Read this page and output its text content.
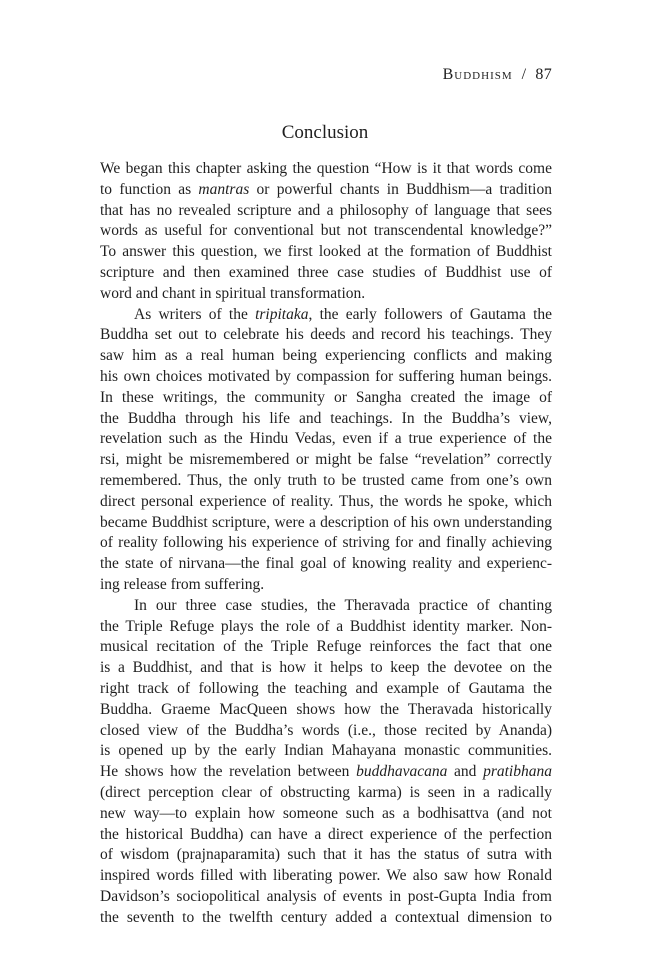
Buddhism / 87
Conclusion
We began this chapter asking the question “How is it that words come
to function as mantras or powerful chants in Buddhism—a tradition
that has no revealed scripture and a philosophy of language that sees
words as useful for conventional but not transcendental knowledge?”
To answer this question, we first looked at the formation of Buddhist
scripture and then examined three case studies of Buddhist use of
word and chant in spiritual transformation.
As writers of the tripitaka, the early followers of Gautama the
Buddha set out to celebrate his deeds and record his teachings. They
saw him as a real human being experiencing conflicts and making
his own choices motivated by compassion for suffering human beings.
In these writings, the community or Sangha created the image of
the Buddha through his life and teachings. In the Buddha’s view,
revelation such as the Hindu Vedas, even if a true experience of the
rsi, might be misremembered or might be false “revelation” correctly
remembered. Thus, the only truth to be trusted came from one’s own
direct personal experience of reality. Thus, the words he spoke, which
became Buddhist scripture, were a description of his own understanding
of reality following his experience of striving for and finally achieving
the state of nirvana—the final goal of knowing reality and experienc-
ing release from suffering.
In our three case studies, the Theravada practice of chanting
the Triple Refuge plays the role of a Buddhist identity marker. Non-
musical recitation of the Triple Refuge reinforces the fact that one
is a Buddhist, and that is how it helps to keep the devotee on the
right track of following the teaching and example of Gautama the
Buddha. Graeme MacQueen shows how the Theravada historically
closed view of the Buddha’s words (i.e., those recited by Ananda)
is opened up by the early Indian Mahayana monastic communities.
He shows how the revelation between buddhavacana and pratibhana
(direct perception clear of obstructing karma) is seen in a radically
new way—to explain how someone such as a bodhisattva (and not
the historical Buddha) can have a direct experience of the perfection
of wisdom (prajnaparamita) such that it has the status of sutra with
inspired words filled with liberating power. We also saw how Ronald
Davidson’s sociopolitical analysis of events in post-Gupta India from
the seventh to the twelfth century added a contextual dimension to
